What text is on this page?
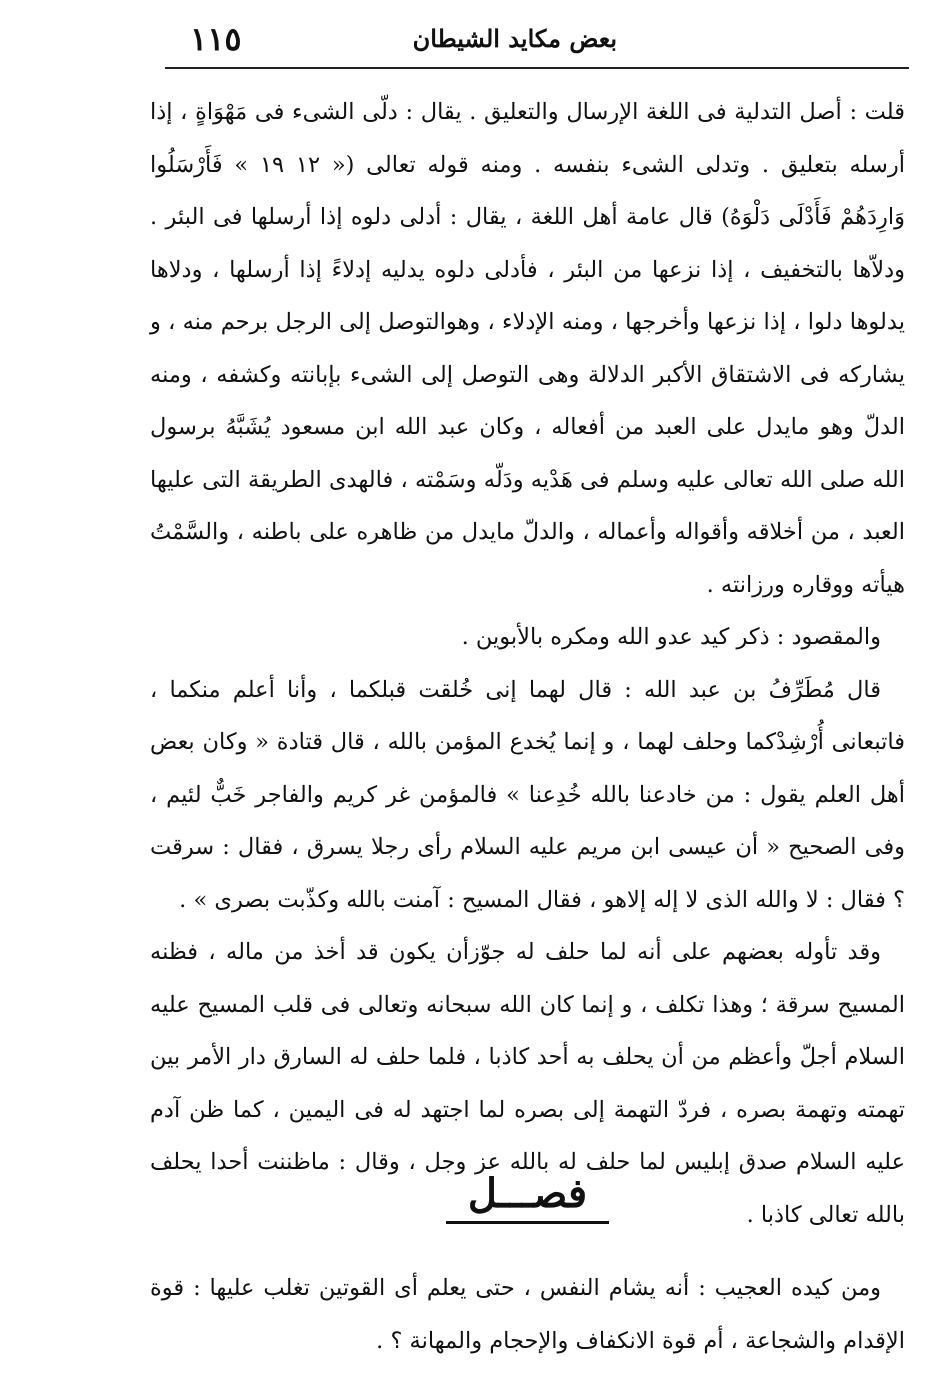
بعض مكايد الشيطان
١١٥

قلت : أصل التدلية فى اللغة الإرسال والتعليق . يقال : دلّى الشىء فى مَهْوَاةٍ ، إذا أرسله بتعليق . وتدلى الشىء بنفسه . ومنه قوله تعالى (« ١٢ ١٩ » فَأَرْسَلُوا وَارِدَهُمْ فَأَدْلَى دَلْوَهُ) قال عامة أهل اللغة ، يقال : أدلى دلوه إذا أرسلها فى البئر . ودلاّها بالتخفيف ، إذا نزعها من البئر ، فأدلى دلوه يدليه إدلاءً إذا أرسلها ، ودلاها يدلوها دلوا ، إذا نزعها وأخرجها ، ومنه الإدلاء ، وهوالتوصل إلى الرجل برحم منه ، و يشاركه فى الاشتقاق الأكبر الدلالة وهى التوصل إلى الشىء بإبانته وكشفه ، ومنه الدلّ وهو مايدل على العبد من أفعاله ، وكان عبد الله ابن مسعود يُشَبَّهُ برسول الله صلى الله تعالى عليه وسلم فى هَدْيه ودَلّه وسَمْته ، فالهدى الطريقة التى عليها العبد ، من أخلاقه وأقواله وأعماله ، والدلّ مايدل من ظاهره على باطنه ، والسَّمْتُ هيأته ووقاره ورزانته .

والمقصود : ذكر كيد عدو الله ومكره بالأبوين .

قال مُطَرِّفُ بن عبد الله : قال لهما إنى خُلقت قبلكما ، وأنا أعلم منكما ، فاتبعانى أُرْشِدْكما وحلف لهما ، و إنما يُخدع المؤمن بالله ، قال قتادة « وكان بعض أهل العلم يقول : من خادعنا بالله خُدِعنا » فالمؤمن غر كريم والفاجر خَبٌّ لئيم ، وفى الصحيح « أن عيسى ابن مريم عليه السلام رأى رجلا يسرق ، فقال : سرقت ؟ فقال : لا والله الذى لا إله إلاهو ، فقال المسيح : آمنت بالله وكذّبت بصرى » .

وقد تأوله بعضهم على أنه لما حلف له جوّزأن يكون قد أخذ من ماله ، فظنه المسيح سرقة ؛ وهذا تكلف ، و إنما كان الله سبحانه وتعالى فى قلب المسيح عليه السلام أجلّ وأعظم من أن يحلف به أحد كاذبا ، فلما حلف له السارق دار الأمر بين تهمته وتهمة بصره ، فردّ التهمة إلى بصره لما اجتهد له فى اليمين ، كما ظن آدم عليه السلام صدق إبليس لما حلف له بالله عز وجل ، وقال : ماظننت أحدا يحلف بالله تعالى كاذبا .

فصـــل

ومن كيده العجيب : أنه يشام النفس ، حتى يعلم أى القوتين تغلب عليها : قوة الإقدام والشجاعة ، أم قوة الانكفاف والإحجام والمهانة ؟ .
